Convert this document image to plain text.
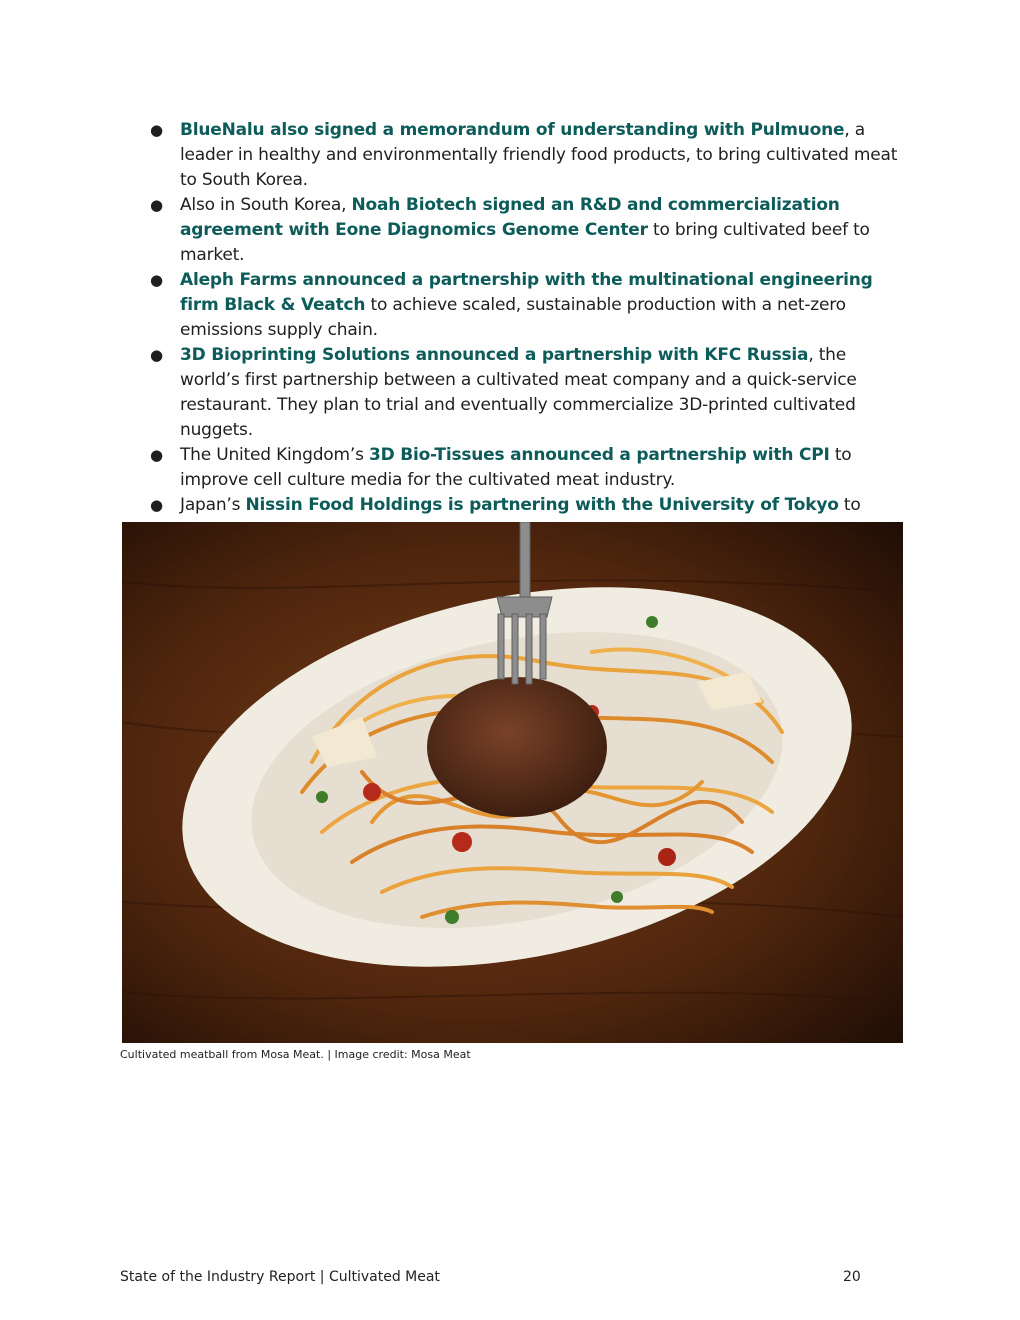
● BlueNalu also signed a memorandum of understanding with Pulmuone, a leader in healthy and environmentally friendly food products, to bring cultivated meat to South Korea.
● Also in South Korea, Noah Biotech signed an R&D and commercialization agreement with Eone Diagnomics Genome Center to bring cultivated beef to market.
● Aleph Farms announced a partnership with the multinational engineering firm Black & Veatch to achieve scaled, sustainable production with a net-zero emissions supply chain.
● 3D Bioprinting Solutions announced a partnership with KFC Russia, the world’s first partnership between a cultivated meat company and a quick-service restaurant. They plan to trial and eventually commercialize 3D-printed cultivated nuggets.
● The United Kingdom’s 3D Bio-Tissues announced a partnership with CPI to improve cell culture media for the cultivated meat industry.
● Japan’s Nissin Food Holdings is partnering with the University of Tokyo to
Cultivated meatball from Mosa Meat. | Image credit: Mosa Meat
State of the Industry Report | Cultivated Meat	20
